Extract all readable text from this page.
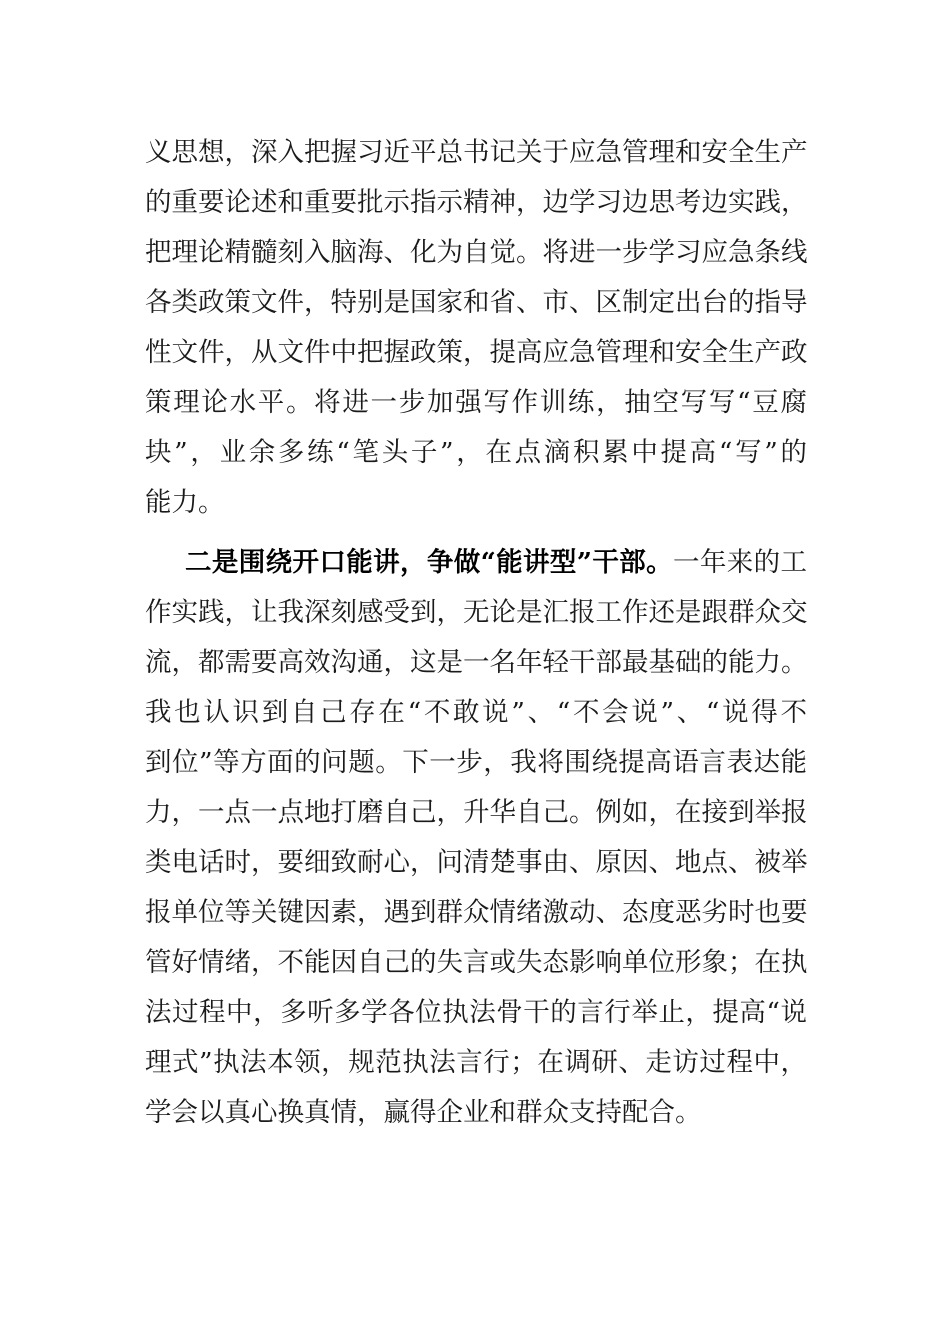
义思想，深入把握习近平总书记关于应急管理和安全生产
的重要论述和重要批示指示精神，边学习边思考边实践，
把理论精髓刻入脑海、化为自觉。将进一步学习应急条线
各类政策文件，特别是国家和省、市、区制定出台的指导
性文件，从文件中把握政策，提高应急管理和安全生产政
策理论水平。将进一步加强写作训练，抽空写写“豆腐
块”，业余多练“笔头子”，在点滴积累中提高“写”的
能力。
二是围绕开口能讲，争做“能讲型”干部。一年来的工
作实践，让我深刻感受到，无论是汇报工作还是跟群众交
流，都需要高效沟通，这是一名年轻干部最基础的能力。
我也认识到自己存在“不敢说”、“不会说”、“说得不
到位”等方面的问题。下一步，我将围绕提高语言表达能
力，一点一点地打磨自己，升华自己。例如，在接到举报
类电话时，要细致耐心，问清楚事由、原因、地点、被举
报单位等关键因素，遇到群众情绪激动、态度恶劣时也要
管好情绪，不能因自己的失言或失态影响单位形象；在执
法过程中，多听多学各位执法骨干的言行举止，提高“说
理式”执法本领，规范执法言行；在调研、走访过程中，
学会以真心换真情，赢得企业和群众支持配合。
